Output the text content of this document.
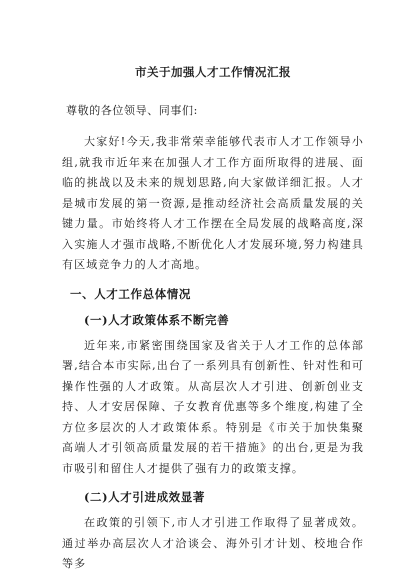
市关于加强人才工作情况汇报
尊敬的各位领导、同事们:

大家好!今天,我非常荣幸能够代表市人才工作领导小组,就我市近年来在加强人才工作方面所取得的进展、面临的挑战以及未来的规划思路,向大家做详细汇报。人才是城市发展的第一资源,是推动经济社会高质量发展的关键力量。市始终将人才工作摆在全局发展的战略高度,深入实施人才强市战略,不断优化人才发展环境,努力构建具有区域竞争力的人才高地。

一、人才工作总体情况
(一)人才政策体系不断完善

近年来,市紧密围绕国家及省关于人才工作的总体部署,结合本市实际,出台了一系列具有创新性、针对性和可操作性强的人才政策。从高层次人才引进、创新创业支持、人才安居保障、子女教育优惠等多个维度,构建了全方位多层次的人才政策体系。特别是《市关于加快集聚高端人才引领高质量发展的若干措施》的出台,更是为我市吸引和留住人才提供了强有力的政策支撑。

(二)人才引进成效显著

在政策的引领下,市人才引进工作取得了显著成效。通过举办高层次人才洽谈会、海外引才计划、校地合作等多
